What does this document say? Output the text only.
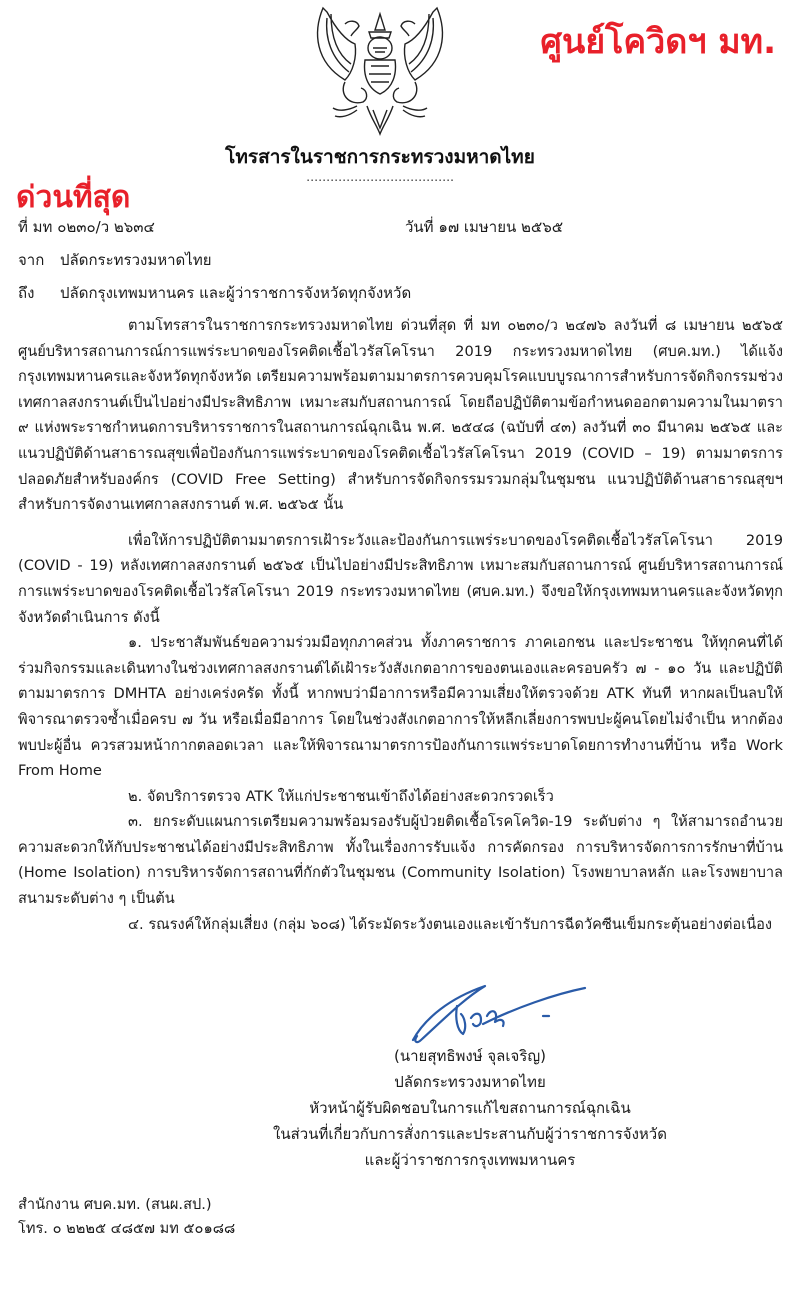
ศูนย์โควิดฯ มท.
โทรสารในราชการกระทรวงมหาดไทย
……………………………….
ด่วนที่สุด
ที่ มท ๐๒๓๐/ว ๒๖๓๔	วันที่ ๑๗ เมษายน ๒๕๖๕
จาก ปลัดกระทรวงมหาดไทย
ถึง ปลัดกรุงเทพมหานคร และผู้ว่าราชการจังหวัดทุกจังหวัด

ตามโทรสารในราชการกระทรวงมหาดไทย ด่วนที่สุด ที่ มท ๐๒๓๐/ว ๒๔๗๖ ลงวันที่ ๘ เมษายน ๒๕๖๕ ศูนย์บริหารสถานการณ์การแพร่ระบาดของโรคติดเชื้อไวรัสโคโรนา 2019 กระทรวงมหาดไทย (ศบค.มท.) ได้แจ้งกรุงเทพมหานครและจังหวัดทุกจังหวัด เตรียมความพร้อมตามมาตรการควบคุมโรคแบบบูรณาการสำหรับการจัดกิจกรรมช่วงเทศกาลสงกรานต์เป็นไปอย่างมีประสิทธิภาพ เหมาะสมกับสถานการณ์ โดยถือปฏิบัติตามข้อกำหนดออกตามความในมาตรา ๙ แห่งพระราชกำหนดการบริหารราชการในสถานการณ์ฉุกเฉิน พ.ศ. ๒๕๔๘ (ฉบับที่ ๔๓) ลงวันที่ ๓๐ มีนาคม ๒๕๖๕ และแนวปฏิบัติด้านสาธารณสุขเพื่อป้องกันการแพร่ระบาดของโรคติดเชื้อไวรัสโคโรนา 2019 (COVID – 19) ตามมาตรการปลอดภัยสำหรับองค์กร (COVID Free Setting) สำหรับการจัดกิจกรรมรวมกลุ่มในชุมชน แนวปฏิบัติด้านสาธารณสุขฯ สำหรับการจัดงานเทศกาลสงกรานต์ พ.ศ. ๒๕๖๕ นั้น

เพื่อให้การปฏิบัติตามมาตรการเฝ้าระวังและป้องกันการแพร่ระบาดของโรคติดเชื้อไวรัสโคโรนา 2019 (COVID - 19) หลังเทศกาลสงกรานต์ ๒๕๖๕ เป็นไปอย่างมีประสิทธิภาพ เหมาะสมกับสถานการณ์ ศูนย์บริหารสถานการณ์การแพร่ระบาดของโรคติดเชื้อไวรัสโคโรนา 2019 กระทรวงมหาดไทย (ศบค.มท.) จึงขอให้กรุงเทพมหานครและจังหวัดทุกจังหวัดดำเนินการ ดังนี้

๑. ประชาสัมพันธ์ขอความร่วมมือทุกภาคส่วน ทั้งภาคราชการ ภาคเอกชน และประชาชน ให้ทุกคนที่ได้ร่วมกิจกรรมและเดินทางในช่วงเทศกาลสงกรานต์ได้เฝ้าระวังสังเกตอาการของตนเองและครอบครัว ๗ - ๑๐ วัน และปฏิบัติตามมาตรการ DMHTA อย่างเคร่งครัด ทั้งนี้ หากพบว่ามีอาการหรือมีความเสี่ยงให้ตรวจด้วย ATK ทันที หากผลเป็นลบให้พิจารณาตรวจซ้ำเมื่อครบ ๗ วัน หรือเมื่อมีอาการ โดยในช่วงสังเกตอาการให้หลีกเลี่ยงการพบปะผู้คนโดยไม่จำเป็น หากต้องพบปะผู้อื่น ควรสวมหน้ากากตลอดเวลา และให้พิจารณามาตรการป้องกันการแพร่ระบาดโดยการทำงานที่บ้าน หรือ Work From Home

๒. จัดบริการตรวจ ATK ให้แก่ประชาชนเข้าถึงได้อย่างสะดวกรวดเร็ว

๓. ยกระดับแผนการเตรียมความพร้อมรองรับผู้ป่วยติดเชื้อโรคโควิด-19 ระดับต่าง ๆ ให้สามารถอำนวยความสะดวกให้กับประชาชนได้อย่างมีประสิทธิภาพ ทั้งในเรื่องการรับแจ้ง การคัดกรอง การบริหารจัดการการรักษาที่บ้าน (Home Isolation) การบริหารจัดการสถานที่กักตัวในชุมชน (Community Isolation) โรงพยาบาลหลัก และโรงพยาบาลสนามระดับต่าง ๆ เป็นต้น

๔. รณรงค์ให้กลุ่มเสี่ยง (กลุ่ม ๖๐๘) ได้ระมัดระวังตนเองและเข้ารับการฉีดวัคซีนเข็มกระตุ้นอย่างต่อเนื่อง

(นายสุทธิพงษ์ จุลเจริญ)
ปลัดกระทรวงมหาดไทย
หัวหน้าผู้รับผิดชอบในการแก้ไขสถานการณ์ฉุกเฉิน
ในส่วนที่เกี่ยวกับการสั่งการและประสานกับผู้ว่าราชการจังหวัด
และผู้ว่าราชการกรุงเทพมหานคร
สำนักงาน ศบค.มท. (สนผ.สป.)
โทร. ๐ ๒๒๒๕ ๔๘๕๗ มท ๕๐๑๘๘
